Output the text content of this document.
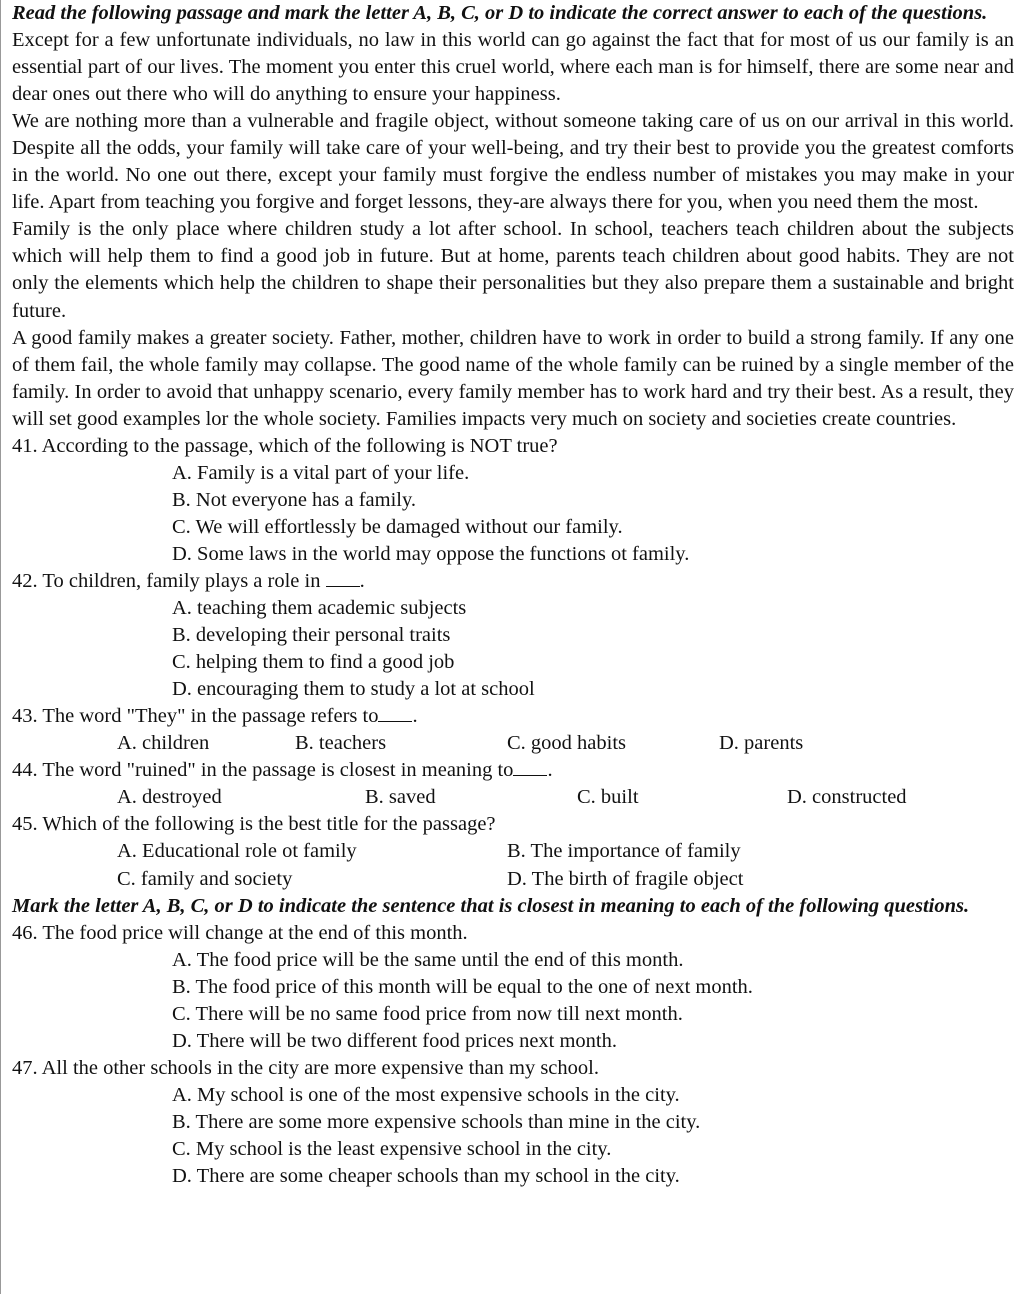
Read the following passage and mark the letter A, B, C, or D to indicate the correct answer to each of the questions.
Except for a few unfortunate individuals, no law in this world can go against the fact that for most of us our family is an essential part of our lives. The moment you enter this cruel world, where each man is for himself, there are some near and dear ones out there who will do anything to ensure your happiness.
We are nothing more than a vulnerable and fragile object, without someone taking care of us on our arrival in this world. Despite all the odds, your family will take care of your well-being, and try their best to provide you the greatest comforts in the world. No one out there, except your family must forgive the endless number of mistakes you may make in your life. Apart from teaching you forgive and forget lessons, they-are always there for you, when you need them the most.
Family is the only place where children study a lot after school. In school, teachers teach children about the subjects which will help them to find a good job in future. But at home, parents teach children about good habits. They are not only the elements which help the children to shape their personalities but they also prepare them a sustainable and bright future.
A good family makes a greater society. Father, mother, children have to work in order to build a strong family. If any one of them fail, the whole family may collapse. The good name of the whole family can be ruined by a single member of the family. In order to avoid that unhappy scenario, every family member has to work hard and try their best. As a result, they will set good examples lor the whole society. Families impacts very much on society and societies create countries.
41. According to the passage, which of the following is NOT true?
A. Family is a vital part of your life.
B. Not everyone has a family.
C. We will effortlessly be damaged without our family.
D. Some laws in the world may oppose the functions ot family.
42. To children, family plays a role in .
A. teaching them academic subjects
B. developing their personal traits
C. helping them to find a good job
D. encouraging them to study a lot at school
43. The word "They" in the passage refers to .
A. children	B. teachers	C. good habits	D. parents
44. The word "ruined" in the passage is closest in meaning to .
A. destroyed	B. saved	C. built	D. constructed
45. Which of the following is the best title for the passage?
A. Educational role ot family	B. The importance of family
C. family and society	D. The birth of fragile object
Mark the letter A, B, C, or D to indicate the sentence that is closest in meaning to each of the following questions.
46. The food price will change at the end of this month.
A. The food price will be the same until the end of this month.
B. The food price of this month will be equal to the one of next month.
C. There will be no same food price from now till next month.
D. There will be two different food prices next month.
47. All the other schools in the city are more expensive than my school.
A. My school is one of the most expensive schools in the city.
B. There are some more expensive schools than mine in the city.
C. My school is the least expensive school in the city.
D. There are some cheaper schools than my school in the city.
